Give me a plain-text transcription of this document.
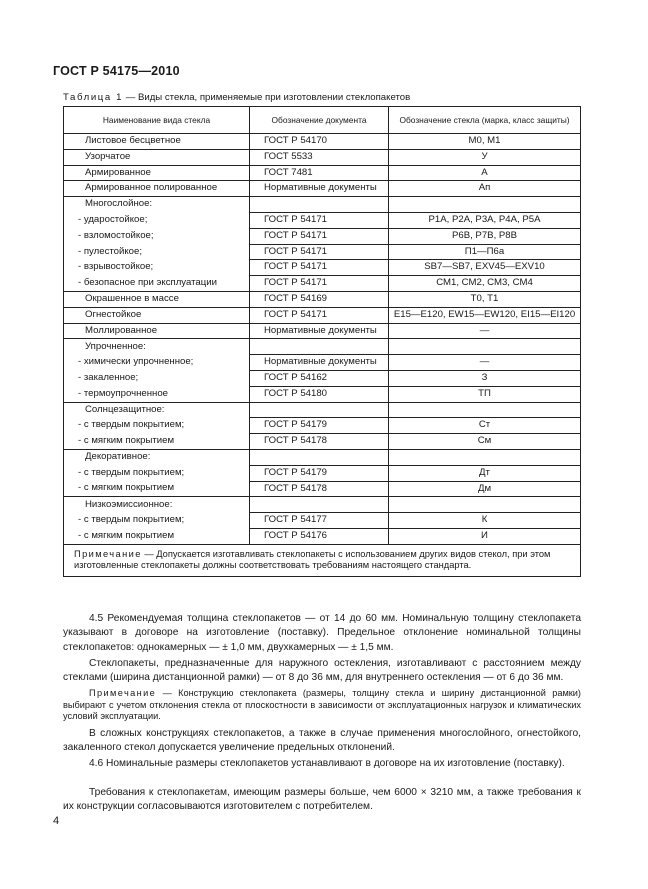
ГОСТ Р 54175—2010
Таблица 1 — Виды стекла, применяемые при изготовлении стеклопакетов
Наименование вида стекла	Обозначение документа	Обозначение стекла (марка, класс защиты)
Листовое бесцветное	ГОСТ Р 54170	М0, М1
Узорчатое	ГОСТ 5533	У
Армированное	ГОСТ 7481	А
Армированное полированное	Нормативные документы	Ап
Многослойное:		
- ударостойкое;	ГОСТ Р 54171	P1A, P2A, P3A, P4A, P5A
- взломостойкое;	ГОСТ Р 54171	P6B, P7B, P8B
- пулестойкое;	ГОСТ Р 54171	П1—П6а
- взрывостойкое;	ГОСТ Р 54171	SB7—SB7, EXV45—EXV10
- безопасное при эксплуатации	ГОСТ Р 54171	СМ1, СМ2, СМ3, СМ4
Окрашенное в массе	ГОСТ Р 54169	Т0, Т1
Огнестойкое	ГОСТ Р 54171	E15—E120, EW15—EW120, EI15—EI120
Моллированное	Нормативные документы	—
Упрочненное:		
- химически упрочненное;	Нормативные документы	—
- закаленное;	ГОСТ Р 54162	З
- термоупрочненное	ГОСТ Р 54180	ТП
Солнцезащитное:		
- с твердым покрытием;	ГОСТ Р 54179	Ст
- с мягким покрытием	ГОСТ Р 54178	См
Декоративное:		
- с твердым покрытием;	ГОСТ Р 54179	Дт
- с мягким покрытием	ГОСТ Р 54178	Дм
Низкоэмиссионное:		
- с твердым покрытием;	ГОСТ Р 54177	К
- с мягким покрытием	ГОСТ Р 54176	И
Примечание — Допускается изготавливать стеклопакеты с использованием других видов стекол, при этом изготовленные стеклопакеты должны соответствовать требованиям настоящего стандарта.		
4.5 Рекомендуемая толщина стеклопакетов — от 14 до 60 мм. Номинальную толщину стеклопакета указывают в договоре на изготовление (поставку). Предельное отклонение номинальной толщины стеклопакетов: однокамерных — ± 1,0 мм, двухкамерных — ± 1,5 мм.
Стеклопакеты, предназначенные для наружного остекления, изготавливают с расстоянием между стеклами (ширина дистанционной рамки) — от 8 до 36 мм, для внутреннего остекления — от 6 до 36 мм.
Примечание — Конструкцию стеклопакета (размеры, толщину стекла и ширину дистанционной рамки) выбирают с учетом отклонения стекла от плоскостности в зависимости от эксплуатационных нагрузок и климатических условий эксплуатации.
В сложных конструкциях стеклопакетов, а также в случае применения многослойного, огнестойкого, закаленного стекол допускается увеличение предельных отклонений.
4.6 Номинальные размеры стеклопакетов устанавливают в договоре на их изготовление (поставку).
Требования к стеклопакетам, имеющим размеры больше, чем 6000 × 3210 мм, а также требования к их конструкции согласовываются изготовителем с потребителем.
4
